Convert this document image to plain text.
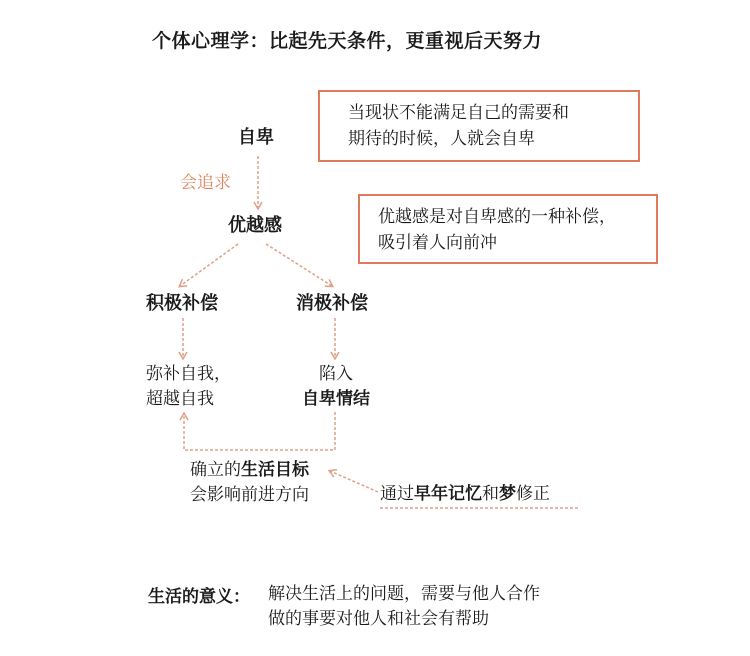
个体心理学：比起先天条件，更重视后天努力
当现状不能满足自己的需要和
期待的时候，人就会自卑
优越感是对自卑感的一种补偿，
吸引着人向前冲
自卑
会追求
优越感
积极补偿	消极补偿
弥补自我，
超越自我
陷入
自卑情结
确立的生活目标
会影响前进方向	通过早年记忆和梦修正
生活的意义： 解决生活上的问题，需要与他人合作
做的事要对他人和社会有帮助
